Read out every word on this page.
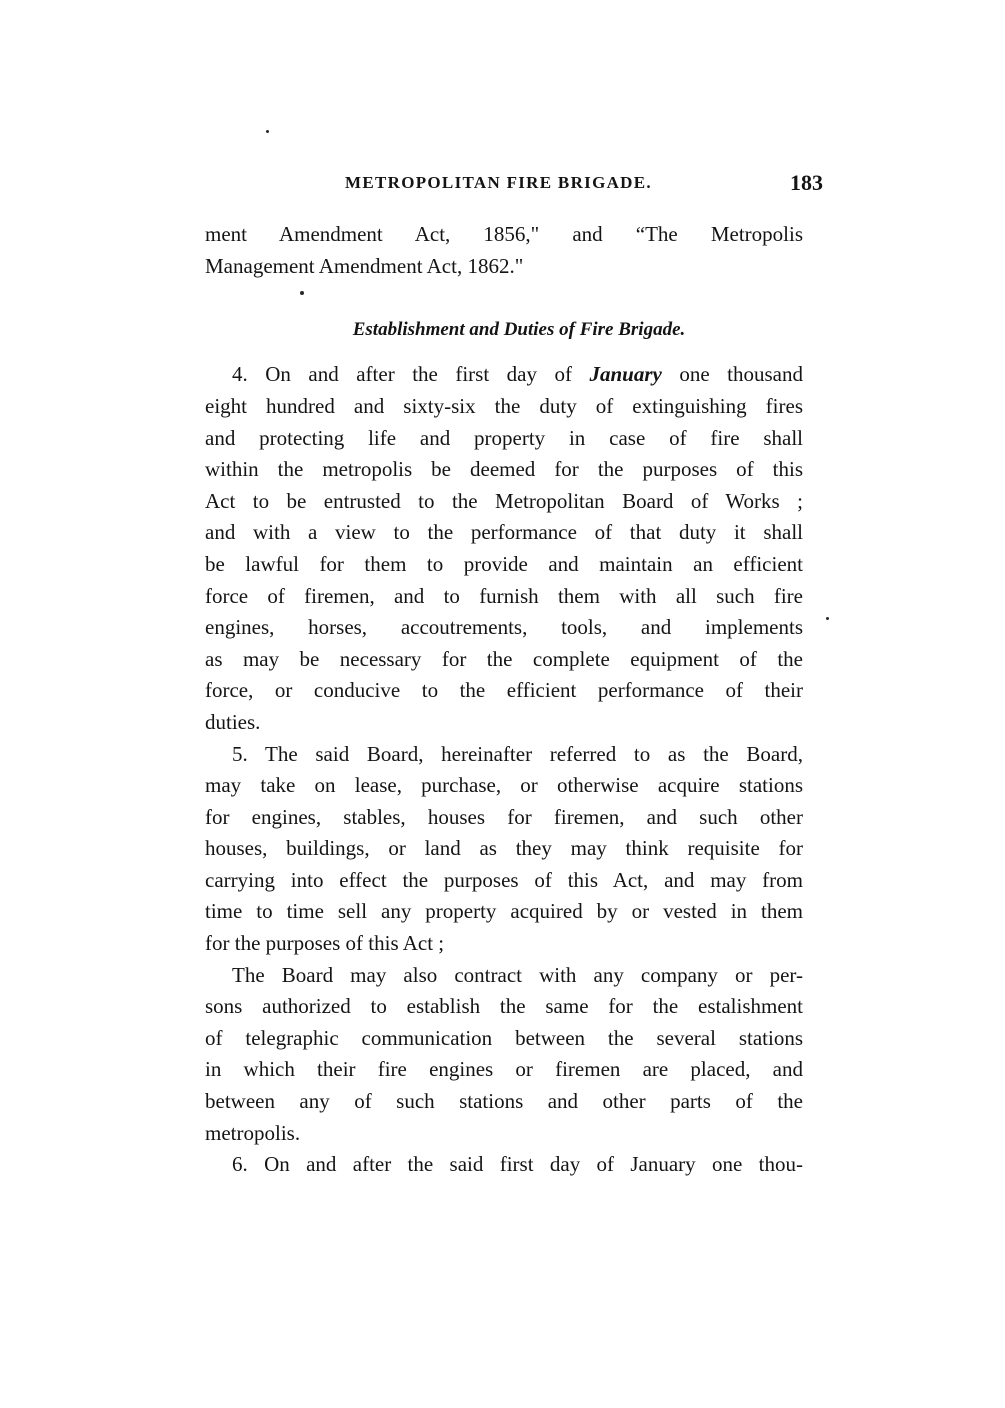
METROPOLITAN FIRE BRIGADE.	183
ment Amendment Act, 1856," and “The Metropolis
Management Amendment Act, 1862."
Establishment and Duties of Fire Brigade.
4. On and after the first day of January one thousand
eight hundred and sixty-six the duty of extinguishing fires
and protecting life and property in case of fire shall
within the metropolis be deemed for the purposes of this
Act to be entrusted to the Metropolitan Board of Works ;
and with a view to the performance of that duty it shall
be lawful for them to provide and maintain an efficient
force of firemen, and to furnish them with all such fire
engines, horses, accoutrements, tools, and implements
as may be necessary for the complete equipment of the
force, or conducive to the efficient performance of their
duties.
5. The said Board, hereinafter referred to as the Board,
may take on lease, purchase, or otherwise acquire stations
for engines, stables, houses for firemen, and such other
houses, buildings, or land as they may think requisite for
carrying into effect the purposes of this Act, and may from
time to time sell any property acquired by or vested in them
for the purposes of this Act ;
The Board may also contract with any company or per-
sons authorized to establish the same for the estalishment
of telegraphic communication between the several stations
in which their fire engines or firemen are placed, and
between any of such stations and other parts of the
metropolis.
6. On and after the said first day of January one thou-
